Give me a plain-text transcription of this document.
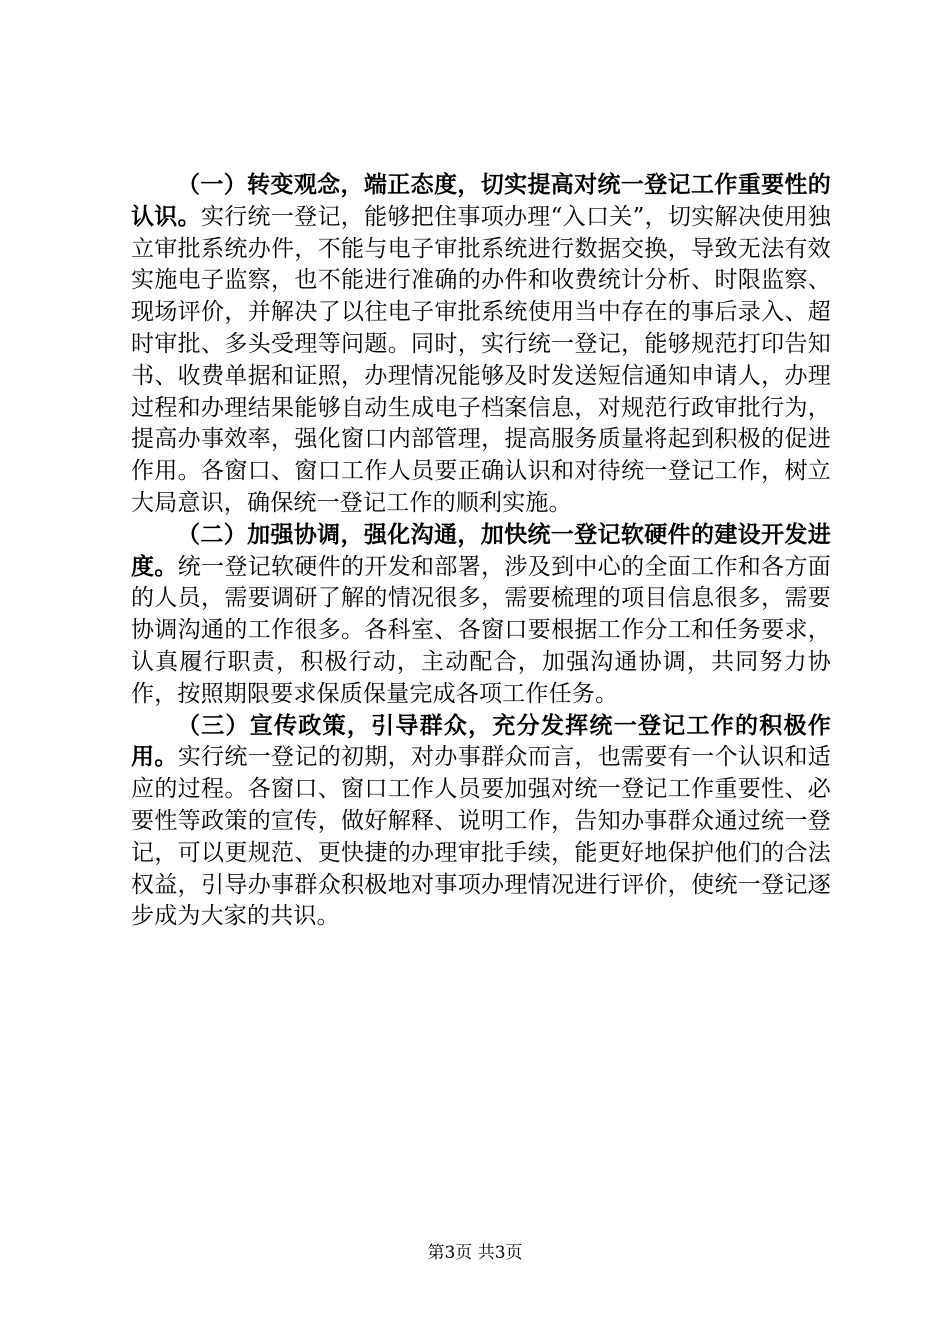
（一）转变观念，端正态度，切实提高对统一登记工作重要性的认识。实行统一登记，能够把住事项办理“入口关”，切实解决使用独立审批系统办件，不能与电子审批系统进行数据交换，导致无法有效实施电子监察，也不能进行准确的办件和收费统计分析、时限监察、现场评价，并解决了以往电子审批系统使用当中存在的事后录入、超时审批、多头受理等问题。同时，实行统一登记，能够规范打印告知书、收费单据和证照，办理情况能够及时发送短信通知申请人，办理过程和办理结果能够自动生成电子档案信息，对规范行政审批行为，提高办事效率，强化窗口内部管理，提高服务质量将起到积极的促进作用。各窗口、窗口工作人员要正确认识和对待统一登记工作，树立大局意识，确保统一登记工作的顺利实施。

（二）加强协调，强化沟通，加快统一登记软硬件的建设开发进度。统一登记软硬件的开发和部署，涉及到中心的全面工作和各方面的人员，需要调研了解的情况很多，需要梳理的项目信息很多，需要协调沟通的工作很多。各科室、各窗口要根据工作分工和任务要求，认真履行职责，积极行动，主动配合，加强沟通协调，共同努力协作，按照期限要求保质保量完成各项工作任务。

（三）宣传政策，引导群众，充分发挥统一登记工作的积极作用。实行统一登记的初期，对办事群众而言，也需要有一个认识和适应的过程。各窗口、窗口工作人员要加强对统一登记工作重要性、必要性等政策的宣传，做好解释、说明工作，告知办事群众通过统一登记，可以更规范、更快捷的办理审批手续，能更好地保护他们的合法权益，引导办事群众积极地对事项办理情况进行评价，使统一登记逐步成为大家的共识。

第3页 共3页
